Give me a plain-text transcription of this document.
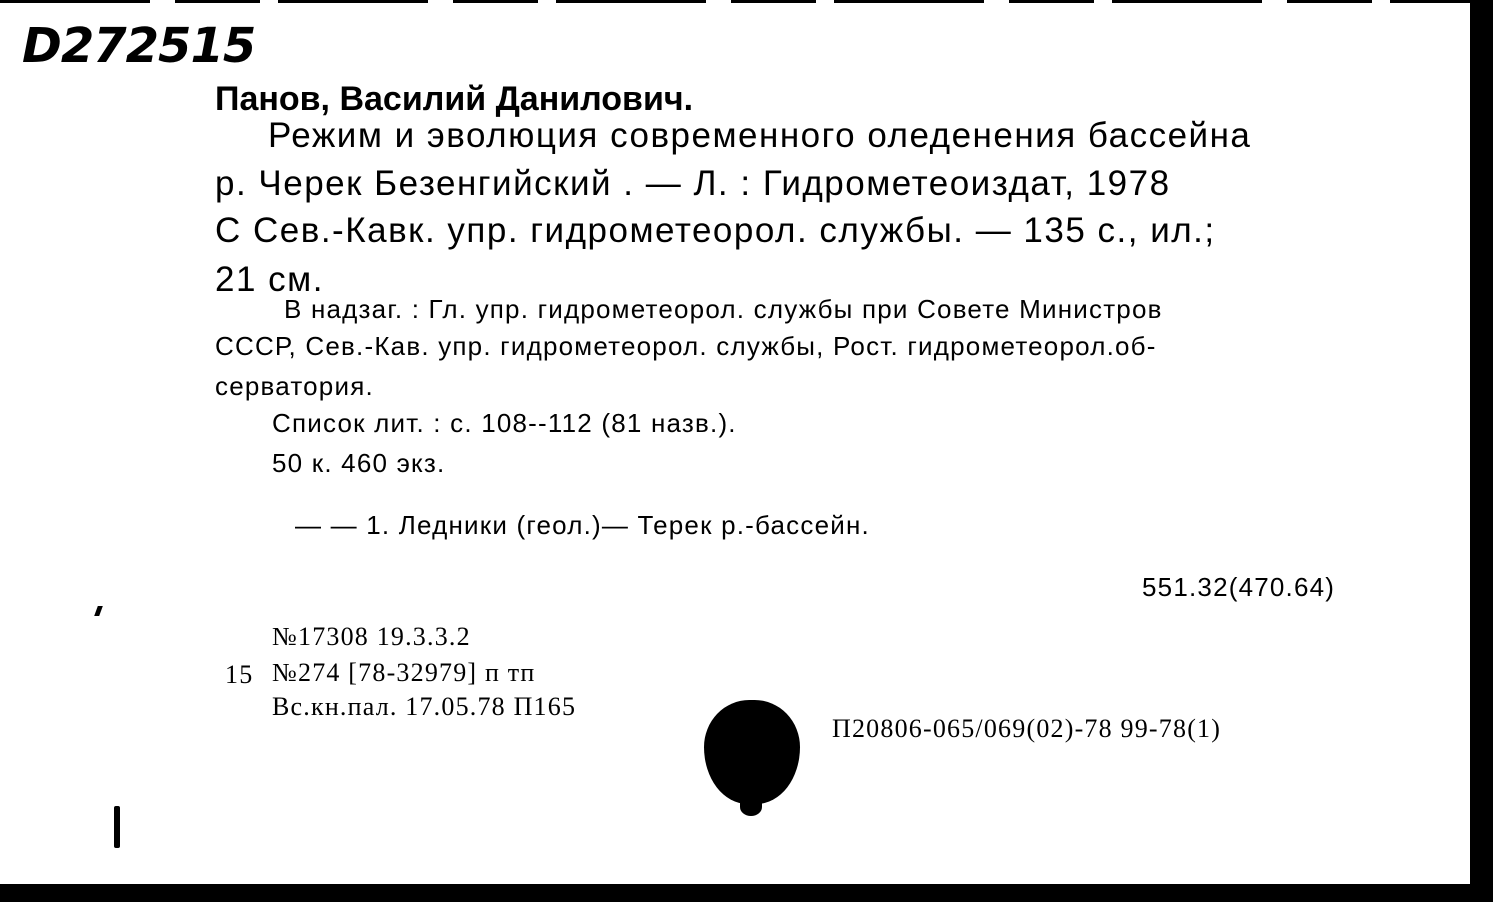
D272515
Панов, Василий Данилович.
Режим и эволюция современного оледенения бассейна
р. Черек Безенгийский . — Л. : Гидрометеоиздат, 1978
С Сев.-Кавк. упр. гидрометеорол. службы. — 135 с., ил.;
21 см.
В надзаг. : Гл. упр. гидрометеорол. службы при Совете Министров
СССР, Сев.-Кав. упр. гидрометеорол. службы, Рост. гидрометеорол.об-
серватория.
Список лит. : с. 108--112 (81 назв.).
50 к. 460 экз.
— — 1. Ледники (геол.)— Терек р.-бассейн.
551.32(470.64)
№17308 19.3.3.2
15 №274 [78-32979] п тп
Вс.кн.пал. 17.05.78 П165
П20806-065/069(02)-78 99-78(1)
